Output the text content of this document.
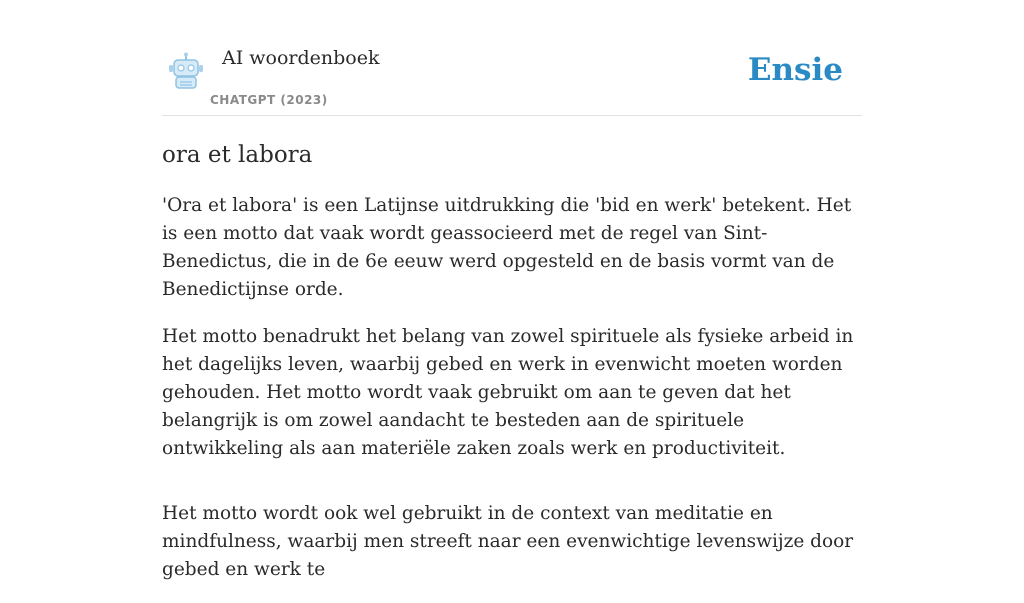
AI woordenboek
CHATGPT (2023)
Ensie
ora et labora

'Ora et labora' is een Latijnse uitdrukking die 'bid en werk' betekent. Het is een motto dat vaak wordt geassocieerd met de regel van Sint-Benedictus, die in de 6e eeuw werd opgesteld en de basis vormt van de Benedictijnse orde.

Het motto benadrukt het belang van zowel spirituele als fysieke arbeid in het dagelijks leven, waarbij gebed en werk in evenwicht moeten worden gehouden. Het motto wordt vaak gebruikt om aan te geven dat het belangrijk is om zowel aandacht te besteden aan de spirituele ontwikkeling als aan materiële zaken zoals werk en productiviteit.

Het motto wordt ook wel gebruikt in de context van meditatie en mindfulness, waarbij men streeft naar een evenwichtige levenswijze door gebed en werk te
